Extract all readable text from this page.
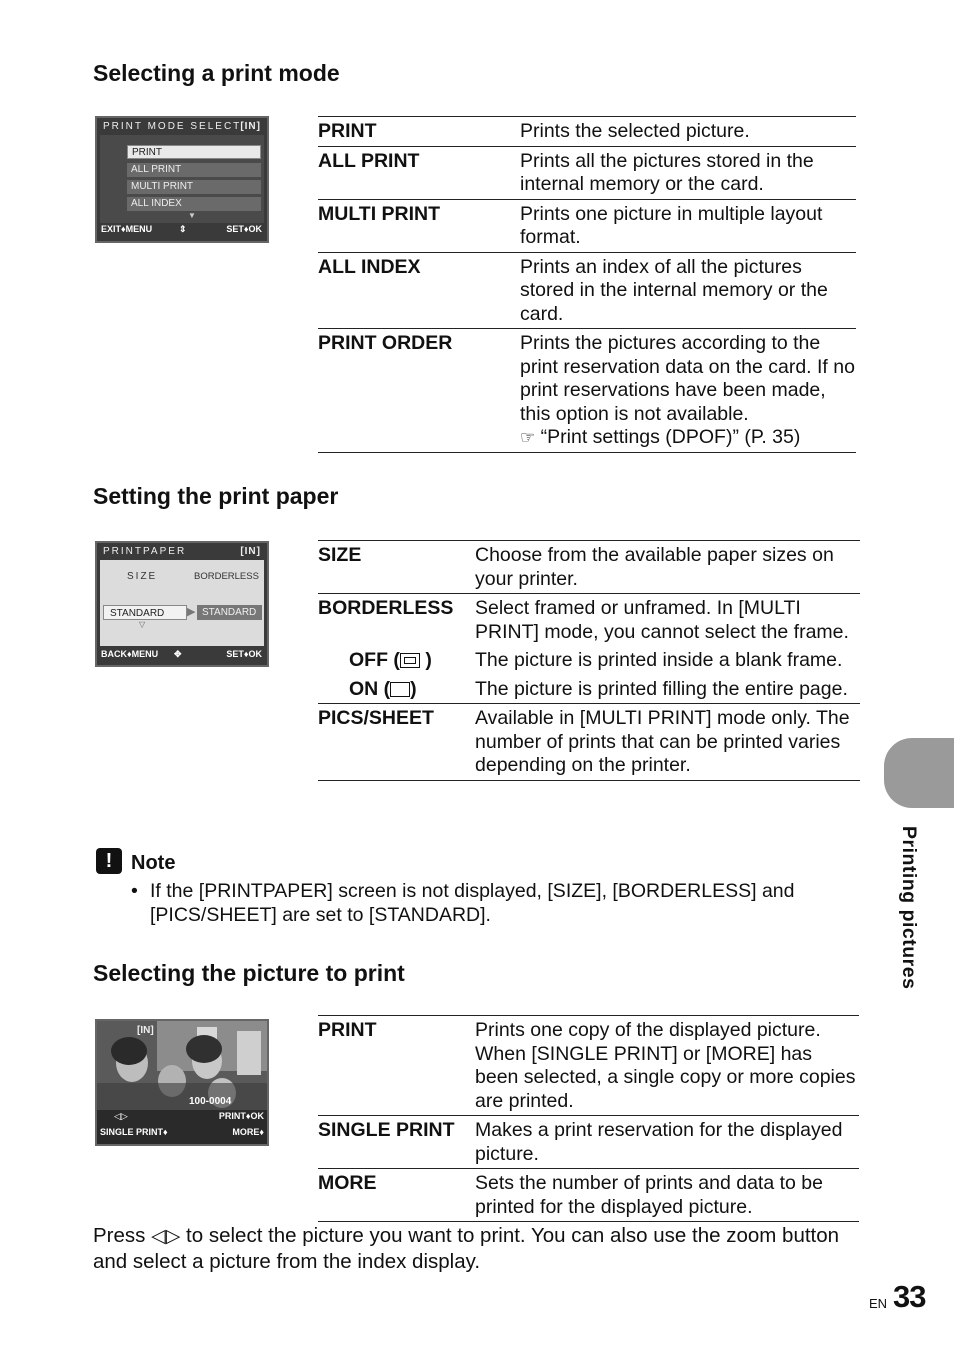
Selecting a print mode
PRINT MODE SELECT [IN]
PRINT
ALL PRINT
MULTI PRINT
ALL INDEX
▼
EXIT♦MENU	⇕	SET♦OK
PRINT	Prints the selected picture.
ALL PRINT	Prints all the pictures stored in the internal memory or the card.
MULTI PRINT	Prints one picture in multiple layout format.
ALL INDEX	Prints an index of all the pictures stored in the internal memory or the card.
PRINT ORDER	Prints the pictures according to the print reservation data on the card. If no print reservations have been made, this option is not available.
☞ “Print settings (DPOF)” (P. 35)
Setting the print paper
PRINTPAPER	[IN]
SIZE	BORDERLESS
STANDARD	▶ STANDARD
▽
BACK♦MENU ✥	SET♦OK
SIZE	Choose from the available paper sizes on your printer.
BORDERLESS	Select framed or unframed. In [MULTI PRINT] mode, you cannot select the frame.
OFF ( )	The picture is printed inside a blank frame.
ON ( )	The picture is printed filling the entire page.
PICS/SHEET	Available in [MULTI PRINT] mode only. The number of prints that can be printed varies depending on the printer.
! Note
• If the [PRINTPAPER] screen is not displayed, [SIZE], [BORDERLESS] and [PICS/SHEET] are set to [STANDARD].
Selecting the picture to print
[IN]
100-0004
◁▷	PRINT♦OK
SINGLE PRINT♦	MORE♦
PRINT	Prints one copy of the displayed picture. When [SINGLE PRINT] or [MORE] has been selected, a single copy or more copies are printed.
SINGLE PRINT	Makes a print reservation for the displayed picture.
MORE	Sets the number of prints and data to be printed for the displayed picture.
Press ◁▷ to select the picture you want to print. You can also use the zoom button and select a picture from the index display.
Printing pictures
EN 33
